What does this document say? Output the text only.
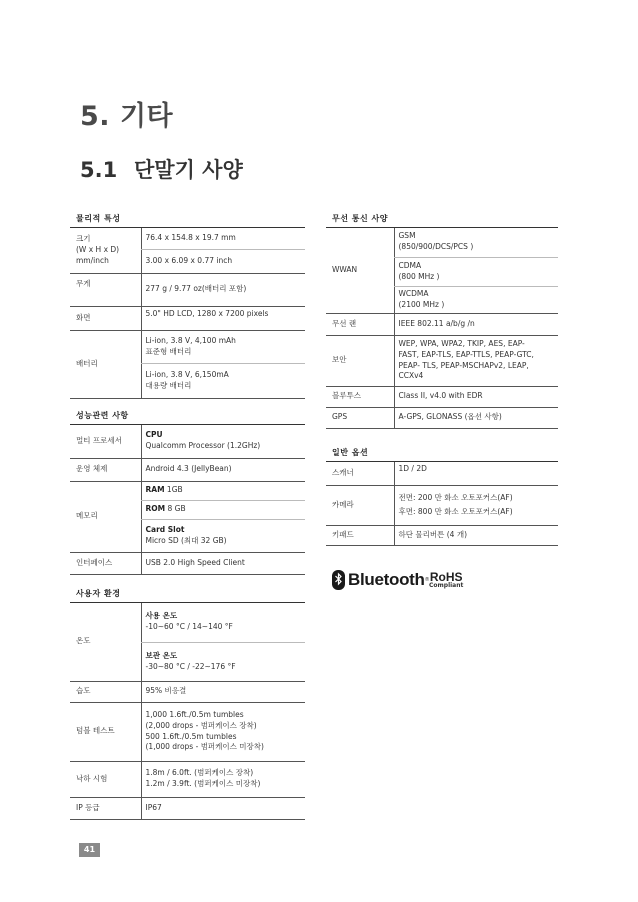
5. 기타
5.1 단말기 사양
물리적 특성
크기
(W x H x D)
mm/inch	76.4 x 154.8 x 19.7 mm
	3.00 x 6.09 x 0.77 inch
무게	277 g / 9.77 oz(배터리 포함)
화면	5.0" HD LCD, 1280 x 7200 pixels
배터리	Li-ion, 3.8 V, 4,100 mAh
표준형 배터리

	Li-ion, 3.8 V, 6,150mA
대용량 배터리
성능관련 사항
멀티 프로세서	CPU
Qualcomm Processor (1.2GHz)

운영 체제	Android 4.3 (JellyBean)
메모리	RAM 1GB
	ROM 8 GB

	Card Slot
Micro SD (최대 32 GB)

인터페이스	USB 2.0 High Speed Client
사용자 환경
온도	사용 온도
-10~60 °C / 14~140 °F

	보관 온도
-30~80 °C / -22~176 °F

습도	95% 비응결
텀블 테스트	1,000 1.6ft./0.5m tumbles
(2,000 drops - 범퍼케이스 장착)
500 1.6ft./0.5m tumbles
(1,000 drops - 범퍼케이스 미장착)

낙하 시험	1.8m / 6.0ft. (범퍼케이스 장착)
1.2m / 3.9ft. (범퍼케이스 미장착)

IP 등급	IP67
무선 통신 사양
WWAN	GSM
(850/900/DCS/PCS )

	CDMA
(800 MHz )

	WCDMA
(2100 MHz )

무선 랜	IEEE 802.11 a/b/g /n
보안	WEP, WPA, WPA2, TKIP, AES, EAP-
FAST, EAP-TLS, EAP-TTLS, PEAP-GTC,
PEAP- TLS, PEAP-MSCHAPv2, LEAP,
CCXv4

블루투스	Class II, v4.0 with EDR
GPS	A-GPS, GLONASS (옵션 사항)
일반 옵션
스캐너	1D / 2D
카메라	전면: 200 만 화소 오토포커스(AF)
후면: 800 만 화소 오토포커스(AF)

키패드	하단 물리버튼 (4 개)
Bluetooth ® RoHS
Compliant
41
